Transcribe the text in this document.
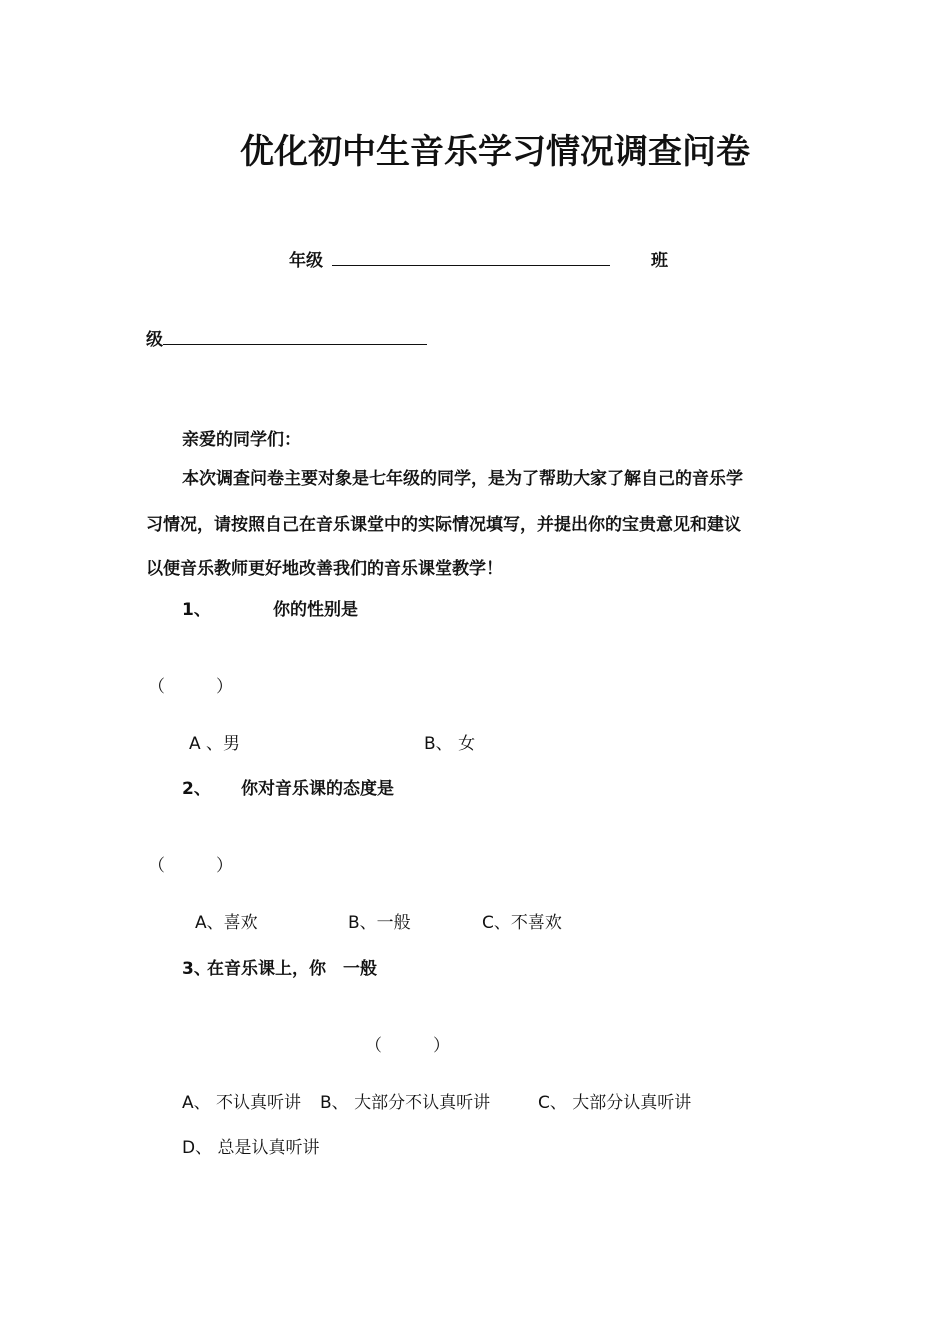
优化初中生音乐学习情况调查问卷
年级	班
级
亲爱的同学们：
本次调查问卷主要对象是七年级的同学，是为了帮助大家了解自己的音乐学
习情况，请按照自己在音乐课堂中的实际情况填写，并提出你的宝贵意见和建议
以便音乐教师更好地改善我们的音乐课堂教学！
1、	你的性别是
（　　　）
A 、男	B、 女
2、 你对音乐课的态度是
（　　　）
A、喜欢	B、一般	C、不喜欢
3、
在音乐课上，你　一般
（　　　）
A、 不认真听讲 B、 大部分不认真听讲	C、 大部分认真听讲
D、 总是认真听讲
